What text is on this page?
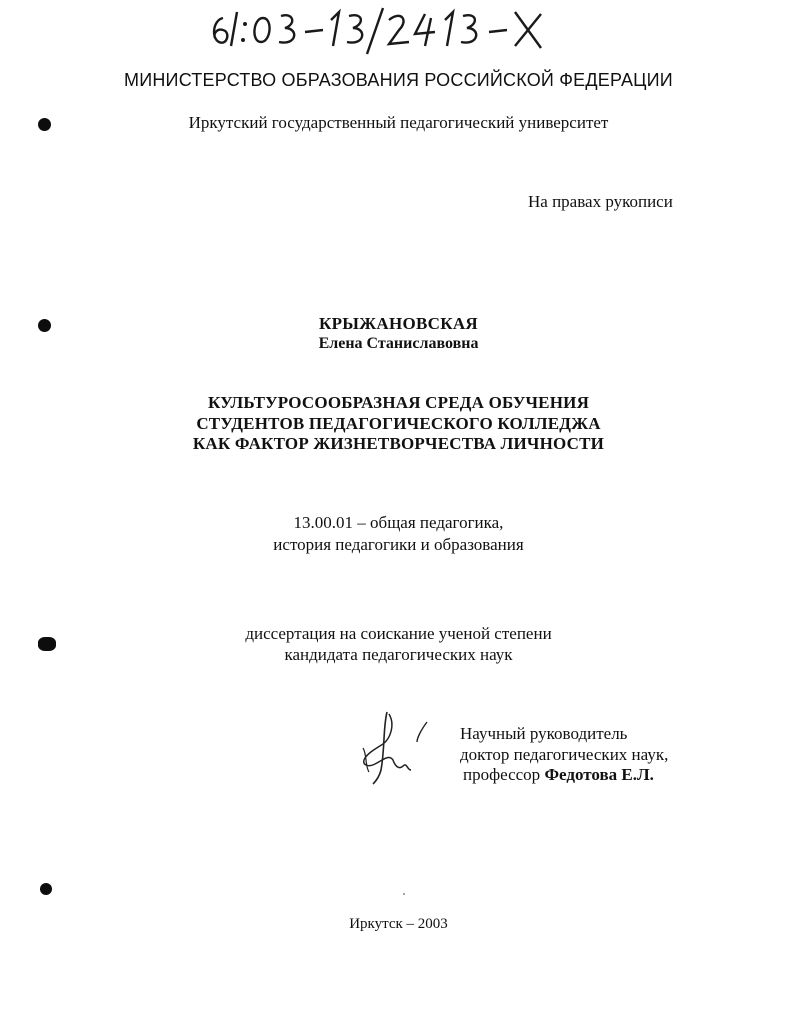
МИНИСТЕРСТВО ОБРАЗОВАНИЯ РОССИЙСКОЙ ФЕДЕРАЦИИ
Иркутский государственный педагогический университет
На правах рукописи
КРЫЖАНОВСКАЯ
Елена Станиславовна
КУЛЬТУРОСООБРАЗНАЯ СРЕДА ОБУЧЕНИЯ
СТУДЕНТОВ ПЕДАГОГИЧЕСКОГО КОЛЛЕДЖА
КАК ФАКТОР ЖИЗНЕТВОРЧЕСТВА ЛИЧНОСТИ
13.00.01 – общая педагогика,
история педагогики и образования
диссертация на соискание ученой степени
кандидата педагогических наук
Научный руководитель
доктор педагогических наук,
профессор Федотова Е.Л.
Иркутск – 2003
